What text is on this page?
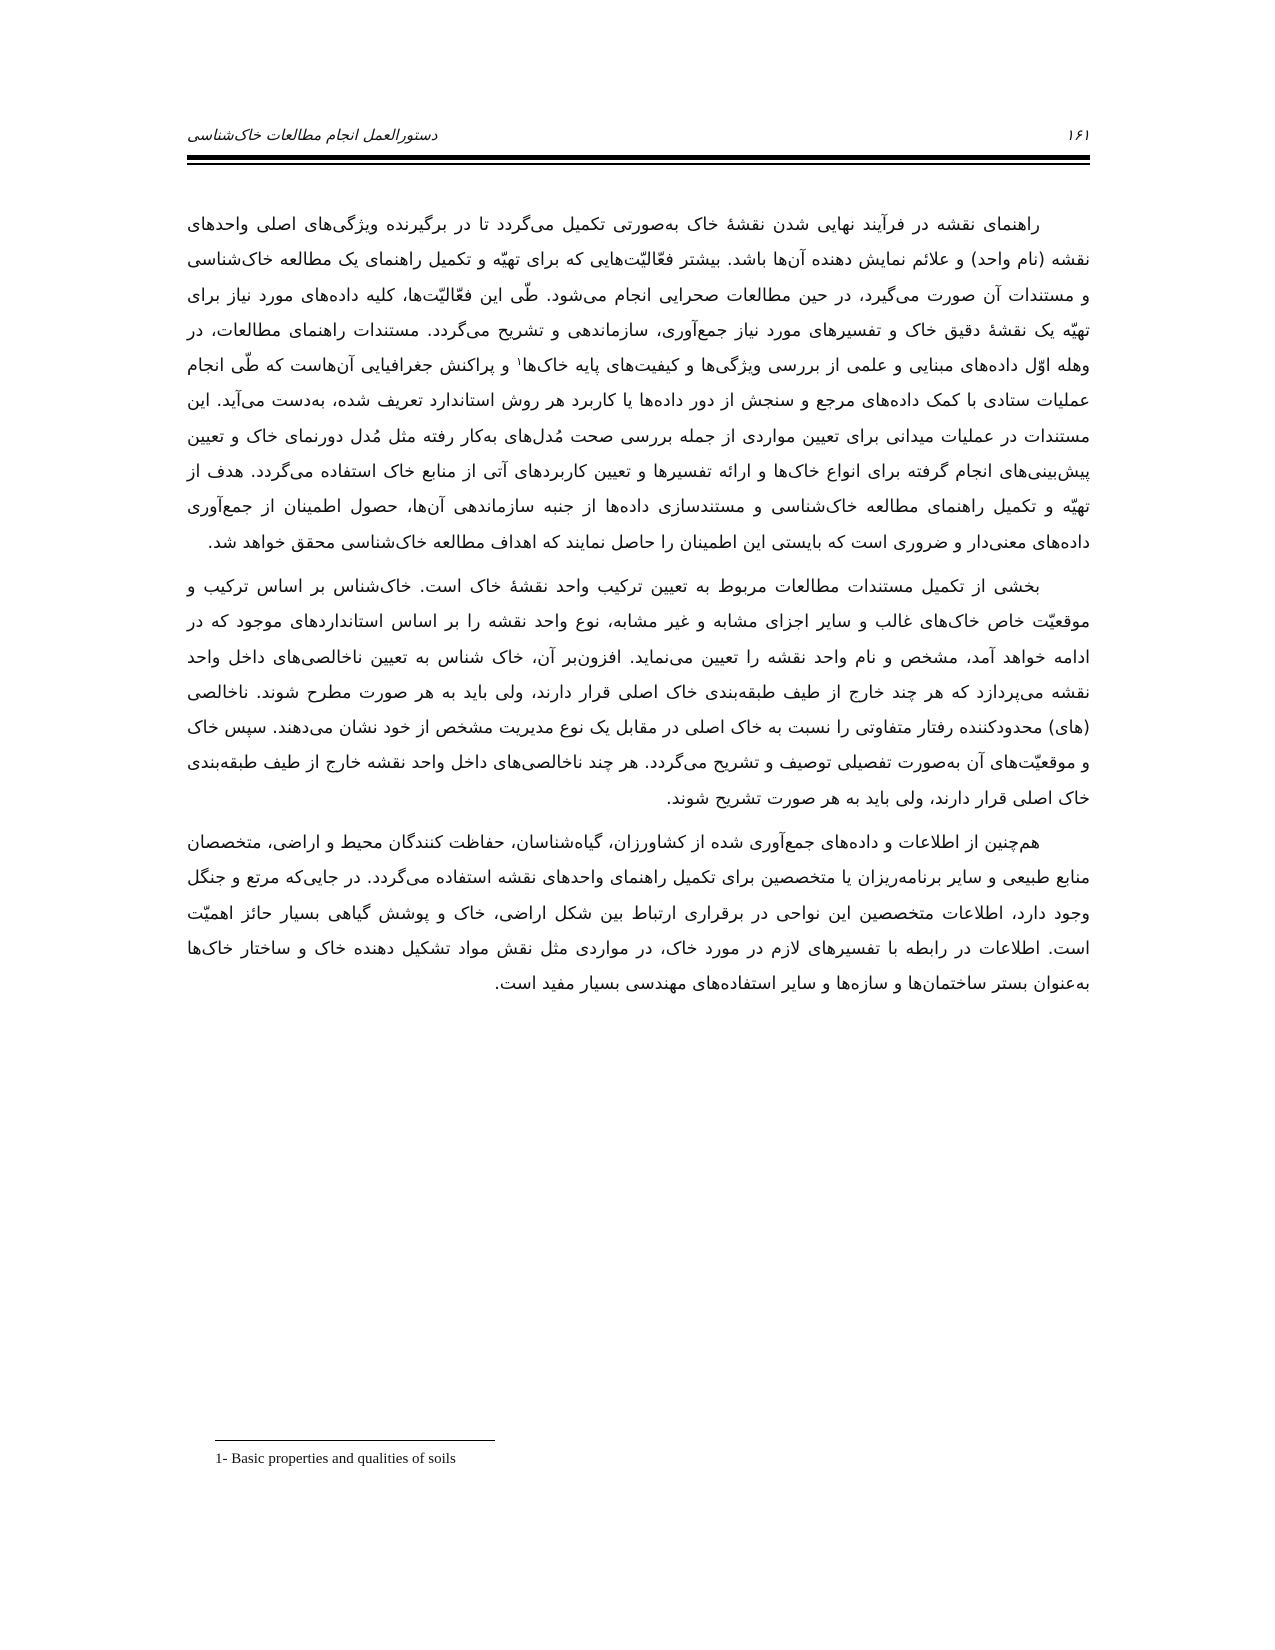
۱۶۱
دستورالعمل انجام مطالعات خاک‌شناسی

راهنمای نقشه در فرآیند نهایی شدن نقشهٔ خاک به‌صورتی تکمیل می‌گردد تا در برگیرنده ویژگی‌های اصلی واحدهای نقشه (نام واحد) و علائم نمایش دهنده آن‌ها باشد. بیشتر فعّالیّت‌هایی که برای تهیّه و تکمیل راهنمای یک مطالعه خاک‌شناسی و مستندات آن صورت می‌گیرد، در حین مطالعات صحرایی انجام می‌شود. طّی این فعّالیّت‌ها، کلیه داده‌های مورد نیاز برای تهیّه یک نقشهٔ دقیق خاک و تفسیرهای مورد نیاز جمع‌آوری، سازماندهی و تشریح می‌گردد. مستندات راهنمای مطالعات، در وهله اوّل داده‌های مبنایی و علمی از بررسی ویژگی‌ها و کیفیت‌های پایه خاک‌ها$^۱$ و پراکنش جغرافیایی آن‌هاست که طّی انجام عملیات ستادی با کمک داده‌های مرجع و سنجش از دور داده‌ها یا کاربرد هر روش استاندارد تعریف شده، به‌دست می‌آید. این مستندات در عملیات میدانی برای تعیین مواردی از جمله بررسی صحت مُدل‌های به‌کار رفته مثل مُدل دورنمای خاک و تعیین پیش‌بینی‌های انجام گرفته برای انواع خاک‌ها و ارائه تفسیرها و تعیین کاربردهای آتی از منابع خاک استفاده می‌گردد. هدف از تهیّه و تکمیل راهنمای مطالعه خاک‌شناسی و مستندسازی داده‌ها از جنبه سازماندهی آن‌ها، حصول اطمینان از جمع‌آوری داده‌های معنی‌دار و ضروری است که بایستی این اطمینان را حاصل نمایند که اهداف مطالعه خاک‌شناسی محقق خواهد شد.

بخشی از تکمیل مستندات مطالعات مربوط به تعیین ترکیب واحد نقشهٔ خاک است. خاک‌شناس بر اساس ترکیب و موقعیّت خاص خاک‌های غالب و سایر اجزای مشابه و غیر مشابه، نوع واحد نقشه را بر اساس استانداردهای موجود که در ادامه خواهد آمد، مشخص و نام واحد نقشه را تعیین می‌نماید. افزون‌بر آن، خاک شناس به تعیین ناخالصی‌های داخل واحد نقشه می‌پردازد که هر چند خارج از طیف طبقه‌بندی خاک اصلی قرار دارند، ولی باید به هر صورت مطرح شوند. ناخالصی (های) محدودکننده رفتار متفاوتی را نسبت به خاک اصلی در مقابل یک نوع مدیریت مشخص از خود نشان می‌دهند. سپس خاک و موقعیّت‌های آن به‌صورت تفصیلی توصیف و تشریح می‌گردد. هر چند ناخالصی‌های داخل واحد نقشه خارج از طیف طبقه‌بندی خاک اصلی قرار دارند، ولی باید به هر صورت تشریح شوند.

هم‌چنین از اطلاعات و داده‌های جمع‌آوری شده از کشاورزان، گیاه‌شناسان، حفاظت کنندگان محیط و اراضی، متخصصان منابع طبیعی و سایر برنامه‌ریزان یا متخصصین برای تکمیل راهنمای واحدهای نقشه استفاده می‌گردد. در جایی‌که مرتع و جنگل وجود دارد، اطلاعات متخصصین این نواحی در برقراری ارتباط بین شکل اراضی، خاک و پوشش گیاهی بسیار حائز اهمیّت است. اطلاعات در رابطه با تفسیرهای لازم در مورد خاک، در مواردی مثل نقش مواد تشکیل دهنده خاک و ساختار خاک‌ها به‌عنوان بستر ساختمان‌ها و سازه‌ها و سایر استفاده‌های مهندسی بسیار مفید است.

1- Basic properties and qualities of soils
